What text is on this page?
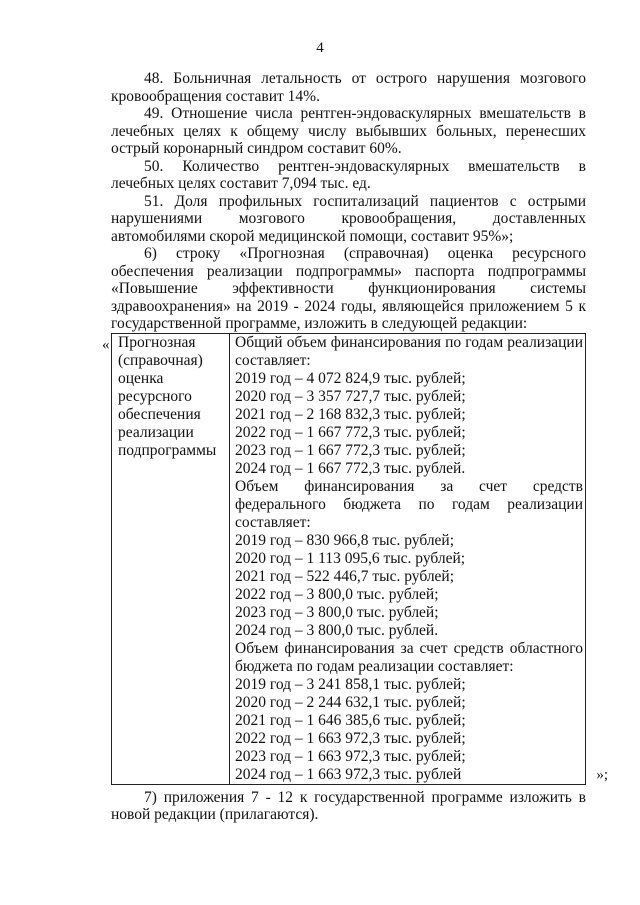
4

48. Больничная летальность от острого нарушения мозгового кровообращения составит 14%.

49. Отношение числа рентген-эндоваскулярных вмешательств в лечебных целях к общему числу выбывших больных, перенесших острый коронарный синдром составит 60%.

50. Количество рентген-эндоваскулярных вмешательств в лечебных целях составит 7,094 тыс. ед.

51. Доля профильных госпитализаций пациентов с острыми нарушениями мозгового кровообращения, доставленных автомобилями скорой медицинской помощи, составит 95%»;

6) строку «Прогнозная (справочная) оценка ресурсного обеспечения реализации подпрограммы» паспорта подпрограммы «Повышение эффективности функционирования системы здравоохранения» на 2019 - 2024 годы, являющейся приложением 5 к государственной программе, изложить в следующей редакции:

« Прогнозная
(справочная)
оценка
ресурсного
обеспечения
реализации
подпрограммы

Общий объем финансирования по годам реализации составляет:
2019 год – 4 072 824,9 тыс. рублей;
2020 год – 3 357 727,7 тыс. рублей;
2021 год – 2 168 832,3 тыс. рублей;
2022 год – 1 667 772,3 тыс. рублей;
2023 год – 1 667 772,3 тыс. рублей;
2024 год – 1 667 772,3 тыс. рублей.
Объем финансирования за счет средств федерального бюджета по годам реализации составляет:
2019 год – 830 966,8 тыс. рублей;
2020 год – 1 113 095,6 тыс. рублей;
2021 год – 522 446,7 тыс. рублей;
2022 год – 3 800,0 тыс. рублей;
2023 год – 3 800,0 тыс. рублей;
2024 год – 3 800,0 тыс. рублей.
Объем финансирования за счет средств областного бюджета по годам реализации составляет:
2019 год – 3 241 858,1 тыс. рублей;
2020 год – 2 244 632,1 тыс. рублей;
2021 год – 1 646 385,6 тыс. рублей;
2022 год – 1 663 972,3 тыс. рублей;
2023 год – 1 663 972,3 тыс. рублей;
2024 год – 1 663 972,3 тыс. рублей	»;

7) приложения 7 - 12 к государственной программе изложить в новой редакции (прилагаются).
